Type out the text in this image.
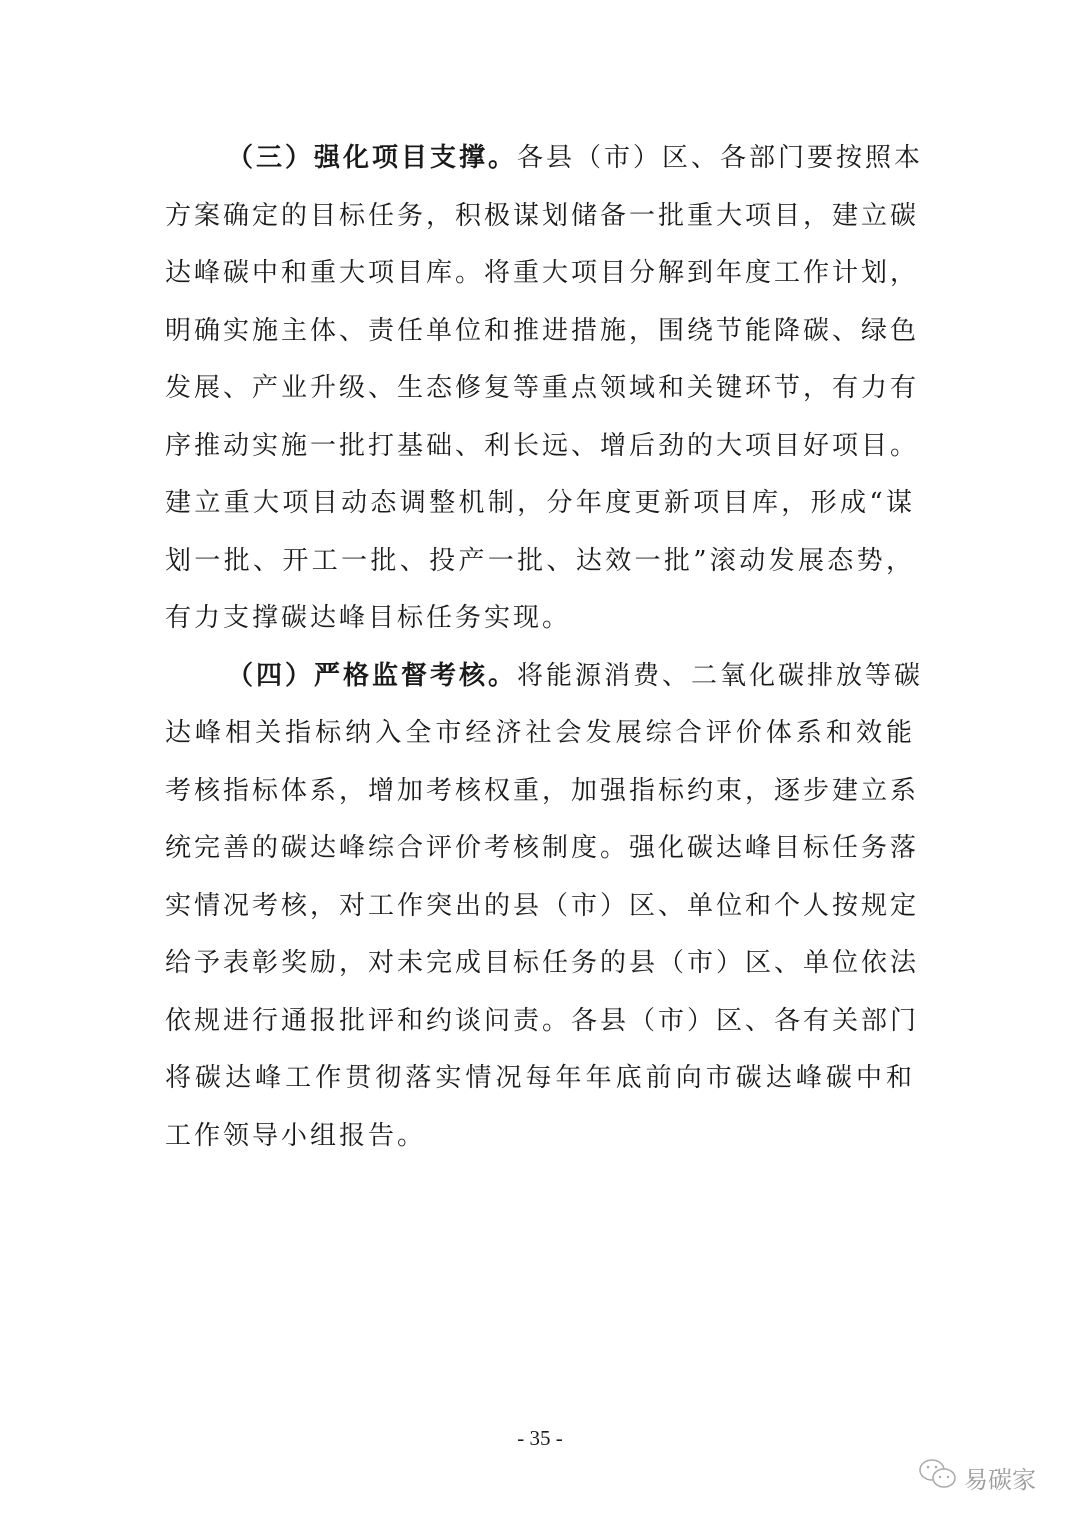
（三）强化项目支撑。各县（市）区、各部门要按照本
方案确定的目标任务，积极谋划储备一批重大项目，建立碳
达峰碳中和重大项目库。将重大项目分解到年度工作计划，
明确实施主体、责任单位和推进措施，围绕节能降碳、绿色
发展、产业升级、生态修复等重点领域和关键环节，有力有
序推动实施一批打基础、利长远、增后劲的大项目好项目。
建立重大项目动态调整机制，分年度更新项目库，形成“谋
划一批、开工一批、投产一批、达效一批”滚动发展态势，
有力支撑碳达峰目标任务实现。
（四）严格监督考核。将能源消费、二氧化碳排放等碳
达峰相关指标纳入全市经济社会发展综合评价体系和效能
考核指标体系，增加考核权重，加强指标约束，逐步建立系
统完善的碳达峰综合评价考核制度。强化碳达峰目标任务落
实情况考核，对工作突出的县（市）区、单位和个人按规定
给予表彰奖励，对未完成目标任务的县（市）区、单位依法
依规进行通报批评和约谈问责。各县（市）区、各有关部门
将碳达峰工作贯彻落实情况每年年底前向市碳达峰碳中和
工作领导小组报告。
- 35 -
易碳家
